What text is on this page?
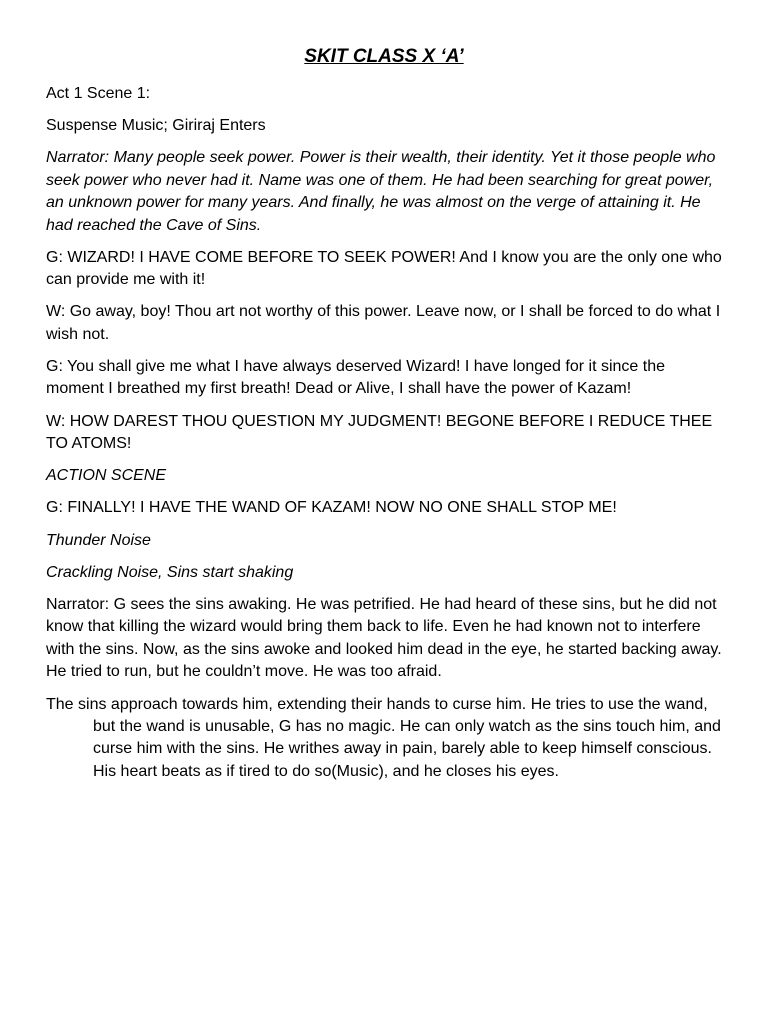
SKIT CLASS X ‘A’

Act 1 Scene 1:

Suspense Music; Giriraj Enters

Narrator: Many people seek power. Power is their wealth, their identity. Yet it those people who seek power who never had it. Name was one of them. He had been searching for great power, an unknown power for many years. And finally, he was almost on the verge of attaining it. He had reached the Cave of Sins.

G: WIZARD! I HAVE COME BEFORE TO SEEK POWER! And I know you are the only one who can provide me with it!

W: Go away, boy! Thou art not worthy of this power. Leave now, or I shall be forced to do what I wish not.

G: You shall give me what I have always deserved Wizard! I have longed for it since the moment I breathed my first breath! Dead or Alive, I shall have the power of Kazam!

W: HOW DAREST THOU QUESTION MY JUDGMENT! BEGONE BEFORE I REDUCE THEE TO ATOMS!

ACTION SCENE

G: FINALLY! I HAVE THE WAND OF KAZAM! NOW NO ONE SHALL STOP ME!

Thunder Noise

Crackling Noise, Sins start shaking

Narrator: G sees the sins awaking. He was petrified. He had heard of these sins, but he did not know that killing the wizard would bring them back to life. Even he had known not to interfere with the sins. Now, as the sins awoke and looked him dead in the eye, he started backing away. He tried to run, but he couldn’t move. He was too afraid.

The sins approach towards him, extending their hands to curse him. He tries to use the wand, but the wand is unusable, G has no magic. He can only watch as the sins touch him, and curse him with the sins. He writhes away in pain, barely able to keep himself conscious. His heart beats as if tired to do so(Music), and he closes his eyes.
